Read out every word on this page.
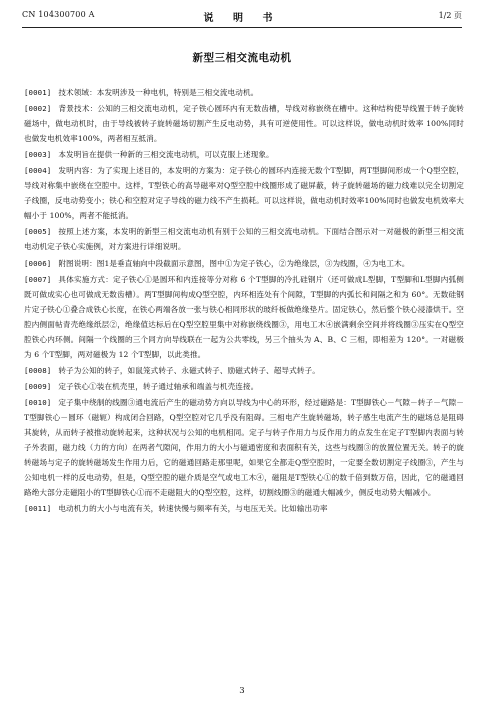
CN 104300700 A	说 明 书	1/2 页
新型三相交流电动机

[0001] 技术领域：本发明涉及一种电机，特别是三相交流电动机。

[0002] 背景技术：公知的三相交流电动机，定子铁心圆环内有无数齿槽，导线对称嵌绕在槽中。这种结构使导线置于转子旋转磁场中，做电动机时，由于导线被转子旋转磁场切割产生反电动势，具有可逆使用性。可以这样说，做电动机时效率 100%同时也做发电机效率100%，两者相互抵消。

[0003] 本发明旨在提供一种新的三相交流电动机，可以克服上述现象。

[0004] 发明内容：为了实现上述目的，本发明的方案为：定子铁心的圆环内连接无数个T型脚，两T型脚间形成一个Q型空腔，导线对称集中嵌绕在空腔中。这样，T型铁心的高导磁率对Q型空腔中线圈形成了磁屏蔽，转子旋转磁场的磁力线难以完全切割定子线圈，反电动势变小；铁心和空腔对定子导线的磁力线不产生损耗。可以这样说，做电动机时效率100%同时也做发电机效率大幅小于 100%，两者不能抵消。

[0005] 按照上述方案，本发明的新型三相交流电动机有别于公知的三相交流电动机。下面结合图示对一对磁极的新型三相交流电动机定子铁心实施例，对方案进行详细说明。

[0006] 附图说明：图1是垂直轴向中段截面示意图，图中①为定子铁心，②为绝缘层，③为线圈，④为电工木。

[0007] 具体实施方式：定子铁心①是圆环和内连接等分对称 6 个T型脚的冷扎硅钢片（还可做成L型脚，T型脚和L型脚内弧侧既可做成实心也可做成无数齿槽）。两T型脚间构成Q型空腔，内环相连处有个间隙，T型脚的内弧长和间隔之和为 60°。无数硅钢片定子铁心①叠合成铁心长度，在铁心两端各放一张与铁心相同形状的玻纤板做绝缘垫片。固定铁心，然后整个铁心浸漆烘干。空腔内侧面帖青壳绝缘纸层②，绝缘值达标后在Q型空腔里集中对称嵌绕线圈③，用电工木④嵌满剩余空间并将线圈③压实在Q型空腔铁心内环侧。间隔一个线圈的三个同方向导线联在一起为公共零线，另三个抽头为 A、B、C 三相，即相差为 120°。一对磁极为 6 个T型脚，两对磁极为 12 个T型脚，以此类推。

[0008] 转子为公知的转子，如鼠笼式转子、永磁式转子、励磁式转子、超导式转子。

[0009] 定子铁心①装在机壳里，转子通过轴承和端盖与机壳连接。

[0010] 定子集中绕制的线圈③通电流后产生的磁动势方向以导线为中心的环形，经过磁路是：T型脚铁心－气隙－转子－气隙－T型脚铁心－圆环（磁轭）构成闭合回路，Q型空腔对它几乎没有阻碍。三相电产生旋转磁场，转子感生电流产生的磁场总是阻碍其旋转，从而转子被推动旋转起来，这种状况与公知的电机相同。定子与转子作用力与反作用力的点发生在定子T型脚内表面与转子外表面，磁力线（力的方向）在两者气隙间，作用力的大小与磁通密度和表面积有关，这些与线圈③的放置位置无关。转子的旋转磁场与定子的旋转磁场发生作用力后，它的磁通回路走那里呢，如果它全都走Q型空腔时，一定要全数切割定子线圈③，产生与公知电机一样的反电动势，但是，Q型空腔的磁介质是空气或电工木④，磁阻是T型铁心①的数千倍到数万倍，因此，它的磁通回路绝大部分走磁阻小的T型脚铁心①而不走磁阻大的Q型空腔，这样，切割线圈③的磁通大幅减少，侧反电动势大幅减小。

[0011] 电动机力的大小与电流有关，转速快慢与频率有关，与电压无关。比如输出功率

3
